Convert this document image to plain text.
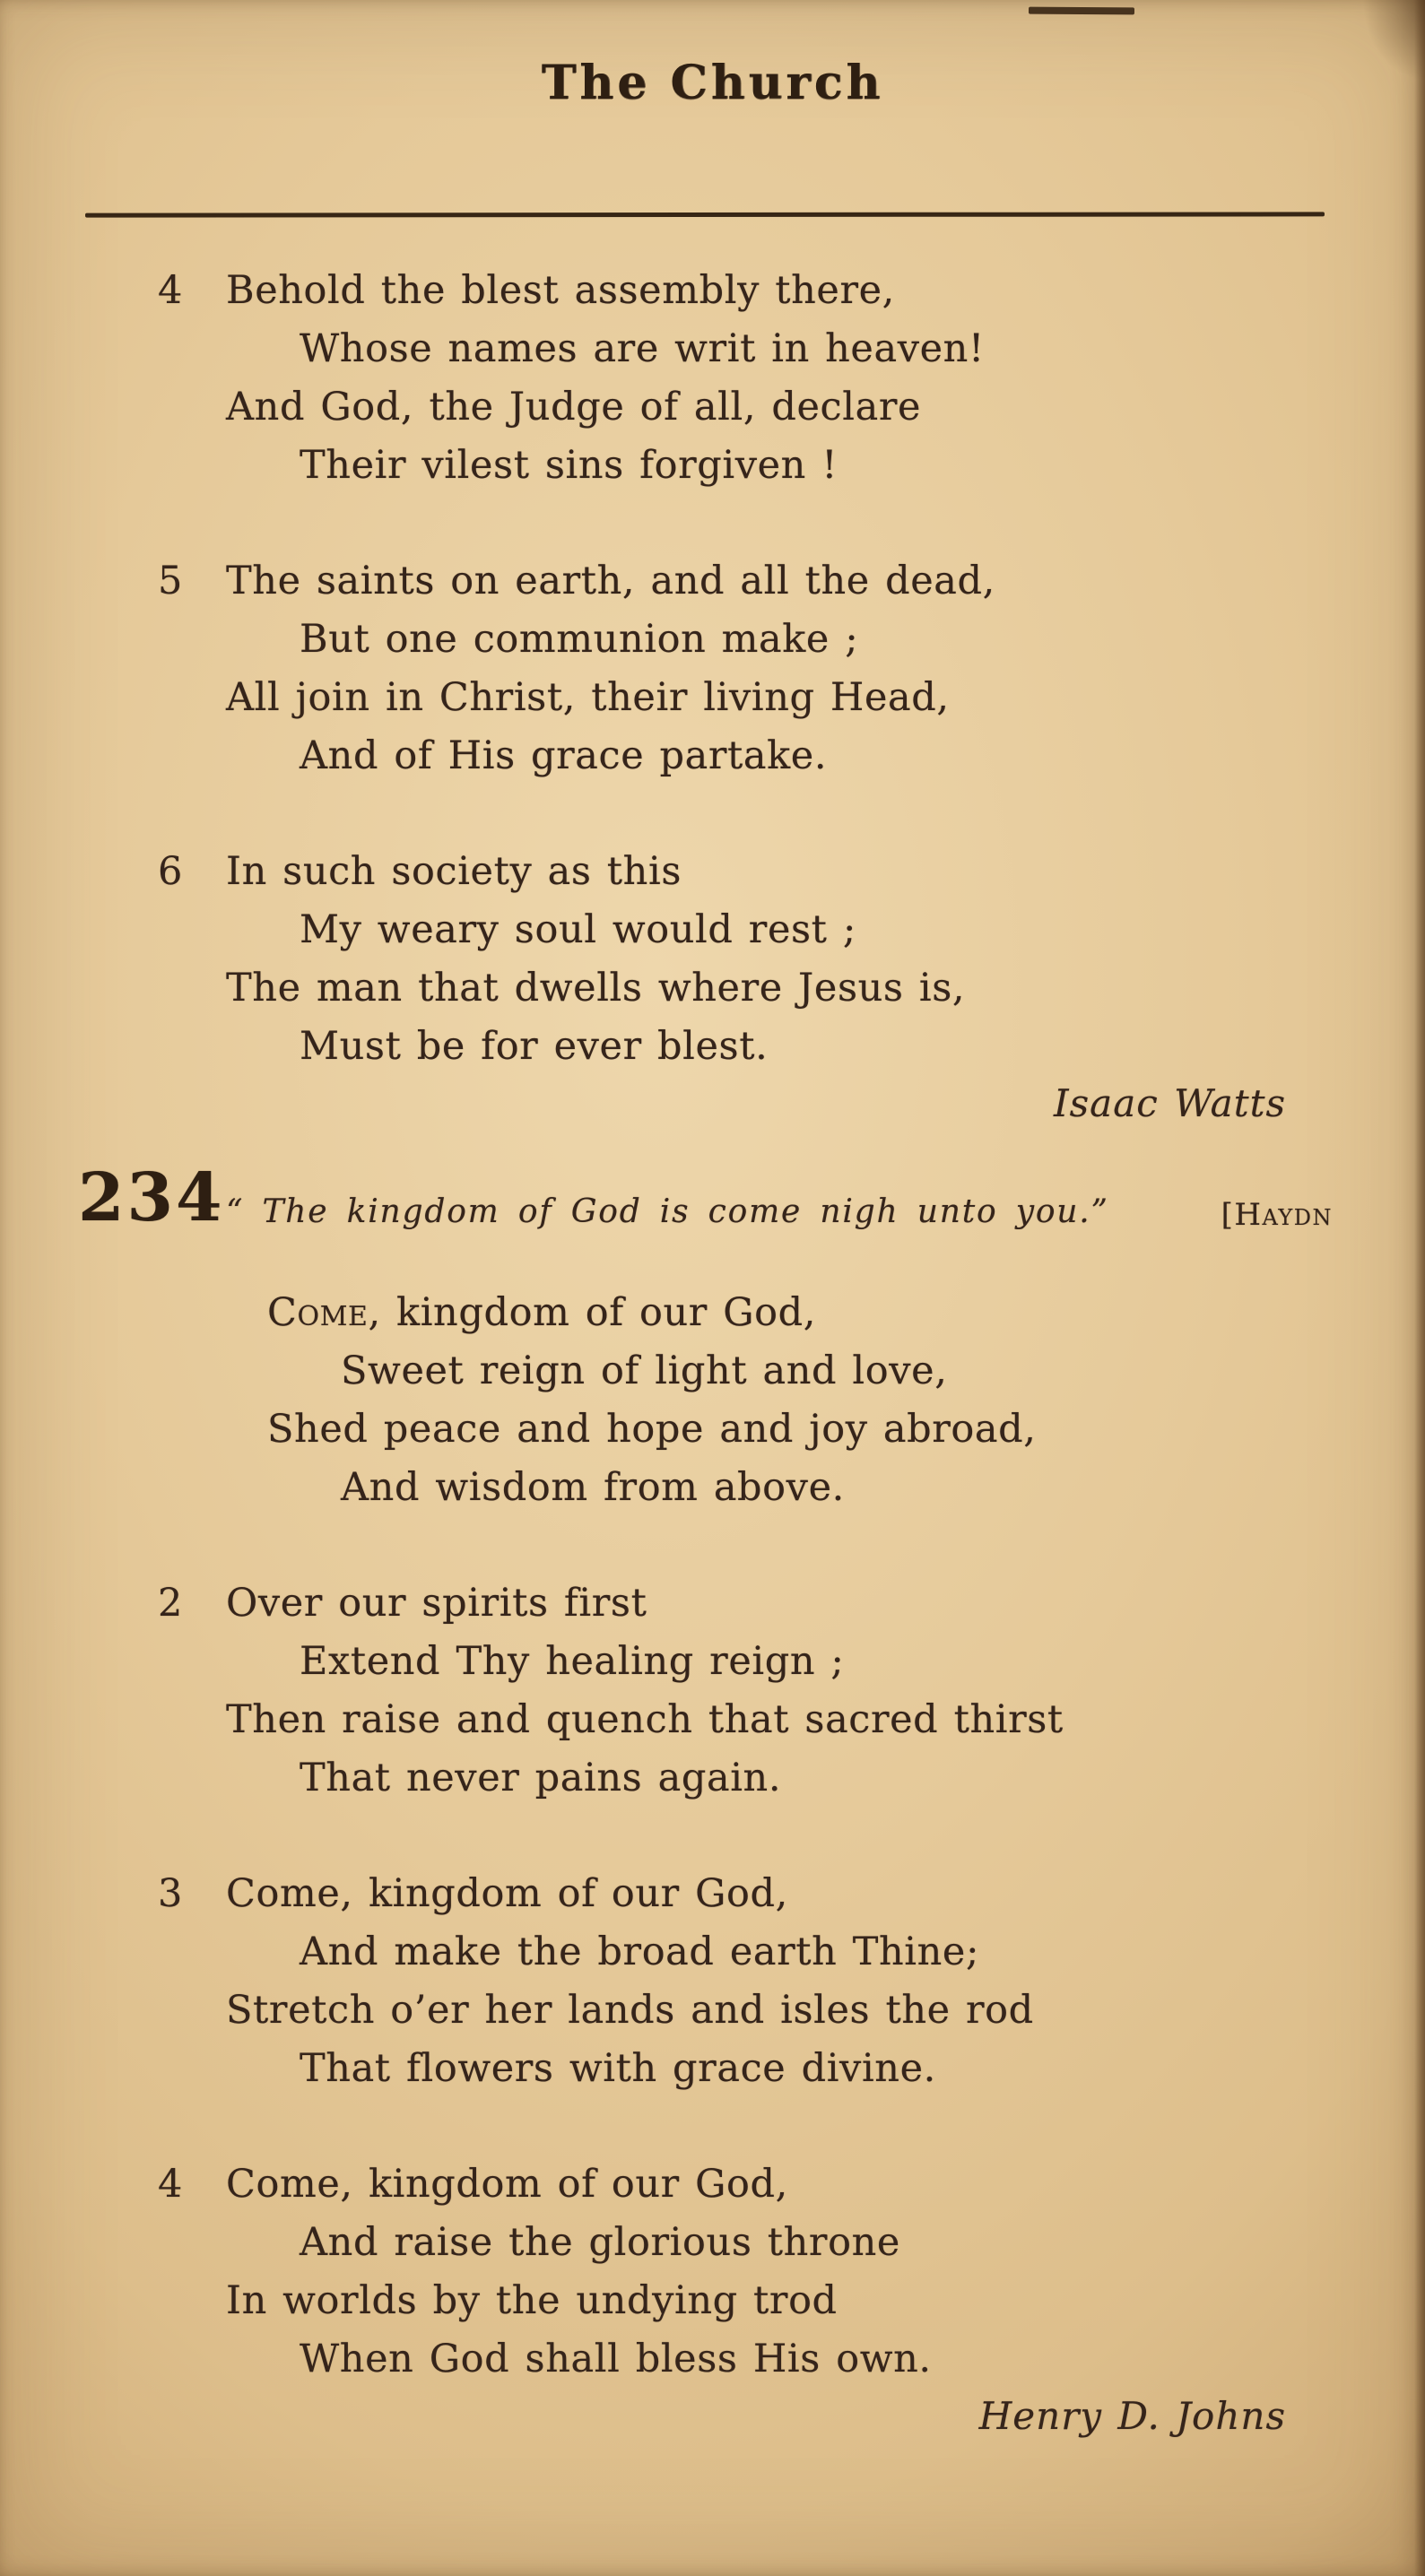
The Church
4 Behold the blest assembly there,
Whose names are writ in heaven!
And God, the Judge of all, declare
Their vilest sins forgiven !
5 The saints on earth, and all the dead,
But one communion make ;
All join in Christ, their living Head,
And of His grace partake.
6 In such society as this
My weary soul would rest ;
The man that dwells where Jesus is,
Must be for ever blest.
Isaac Watts
234 “ The kingdom of God is come nigh unto you.”	[Haydn
Come, kingdom of our God,
Sweet reign of light and love,
Shed peace and hope and joy abroad,
And wisdom from above.
2 Over our spirits first
Extend Thy healing reign ;
Then raise and quench that sacred thirst
That never pains again.
3 Come, kingdom of our God,
And make the broad earth Thine;
Stretch o’er her lands and isles the rod
That flowers with grace divine.
4 Come, kingdom of our God,
And raise the glorious throne
In worlds by the undying trod
When God shall bless His own.
Henry D. Johns
